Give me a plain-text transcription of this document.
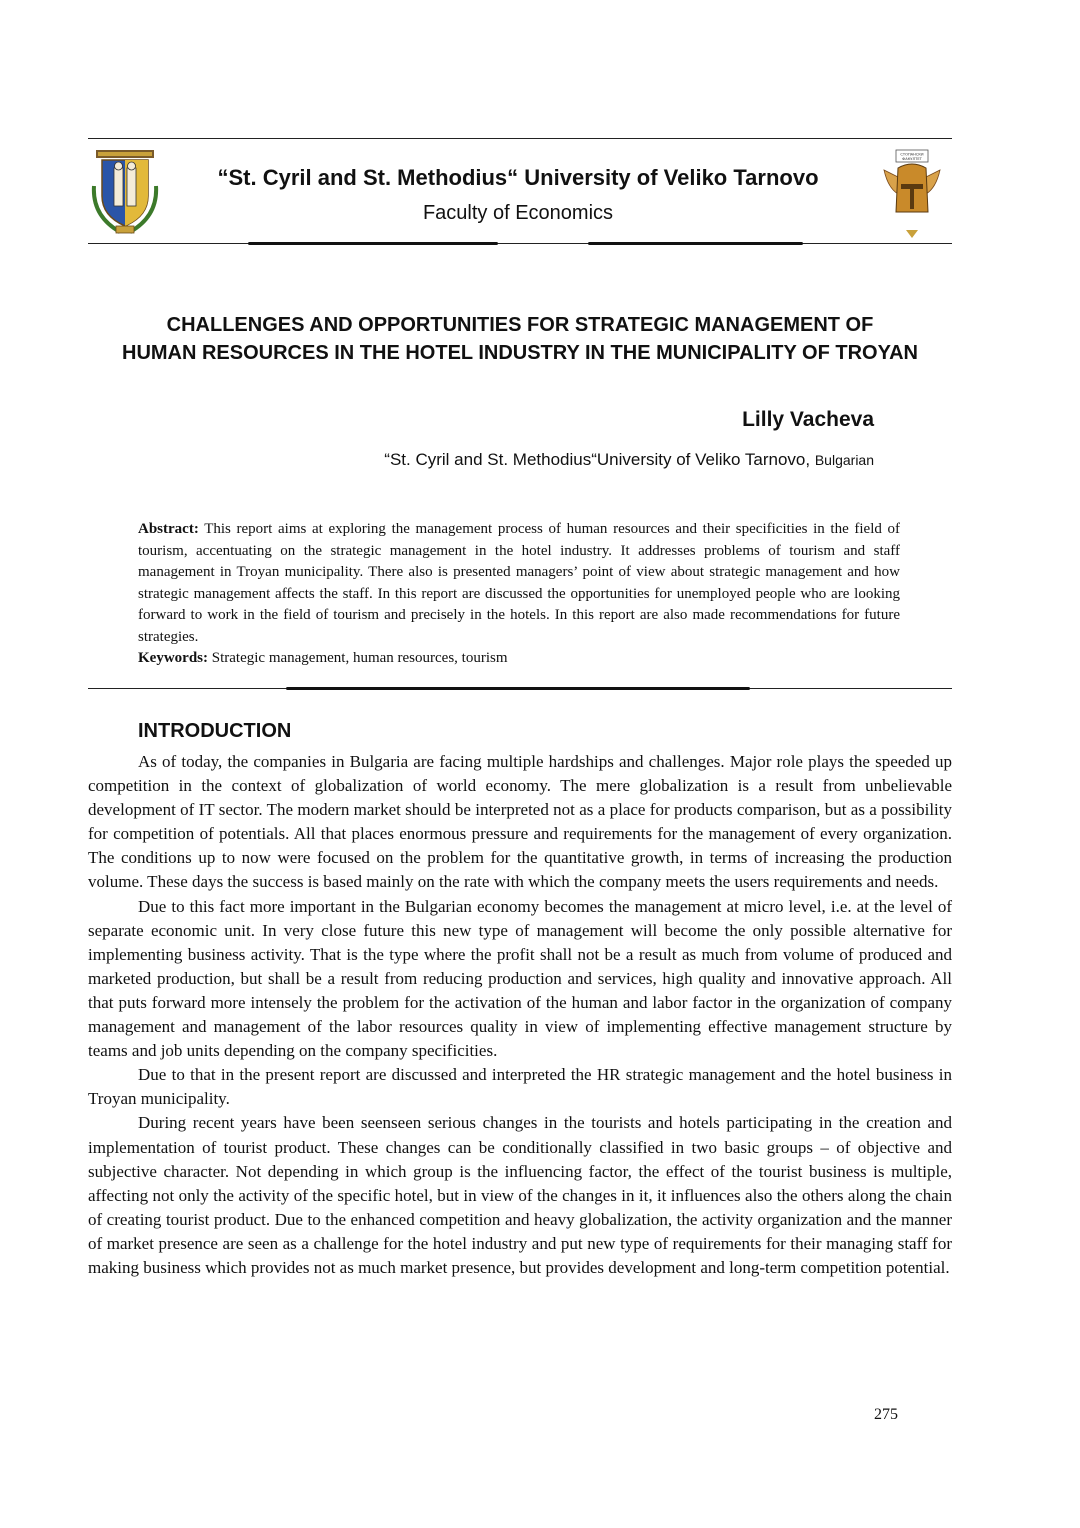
“St. Cyril and St. Methodius“ University of Veliko Tarnovo
Faculty of Economics
СТОПАНСКИ
ФАКУЛТЕТ
CHALLENGES AND OPPORTUNITIES FOR STRATEGIC MANAGEMENT OF
HUMAN RESOURCES IN THE HOTEL INDUSTRY IN THE MUNICIPALITY OF TROYAN
Lilly Vacheva
“St. Cyril and St. Methodius“University of Veliko Tarnovo, Bulgarian
Abstract: This report aims at exploring the management process of human resources and their specificities in the field of tourism, accentuating on the strategic management in the hotel industry. It addresses problems of tourism and staff management in Troyan municipality. There also is presented managers’ point of view about strategic management and how strategic management affects the staff. In this report are discussed the opportunities for unemployed people who are looking forward to work in the field of tourism and precisely in the hotels. In this report are also made recommendations for future strategies.
Keywords: Strategic management, human resources, tourism
INTRODUCTION

As of today, the companies in Bulgaria are facing multiple hardships and challenges. Major role plays the speeded up competition in the context of globalization of world economy. The mere globalization is a result from unbelievable development of IT sector. The modern market should be interpreted not as a place for products comparison, but as a possibility for competition of potentials. All that places enormous pressure and requirements for the management of every organization. The conditions up to now were focused on the problem for the quantitative growth, in terms of increasing the production volume. These days the success is based mainly on the rate with which the company meets the users requirements and needs.

Due to this fact more important in the Bulgarian economy becomes the management at micro level, i.e. at the level of separate economic unit. In very close future this new type of management will become the only possible alternative for implementing business activity. That is the type where the profit shall not be a result as much from volume of produced and marketed production, but shall be a result from reducing production and services, high quality and innovative approach. All that puts forward more intensely the problem for the activation of the human and labor factor in the organization of company management and management of the labor resources quality in view of implementing effective management structure by teams and job units depending on the company specificities.

Due to that in the present report are discussed and interpreted the HR strategic management and the hotel business in Troyan municipality.

During recent years have been seenseen serious changes in the tourists and hotels participating in the creation and implementation of tourist product. These changes can be conditionally classified in two basic groups – of objective and subjective character. Not depending in which group is the influencing factor, the effect of the tourist business is multiple, affecting not only the activity of the specific hotel, but in view of the changes in it, it influences also the others along the chain of creating tourist product. Due to the enhanced competition and heavy globalization, the activity organization and the manner of market presence are seen as a challenge for the hotel industry and put new type of requirements for their managing staff for making business which provides not as much market presence, but provides development and long-term competition potential.

275
